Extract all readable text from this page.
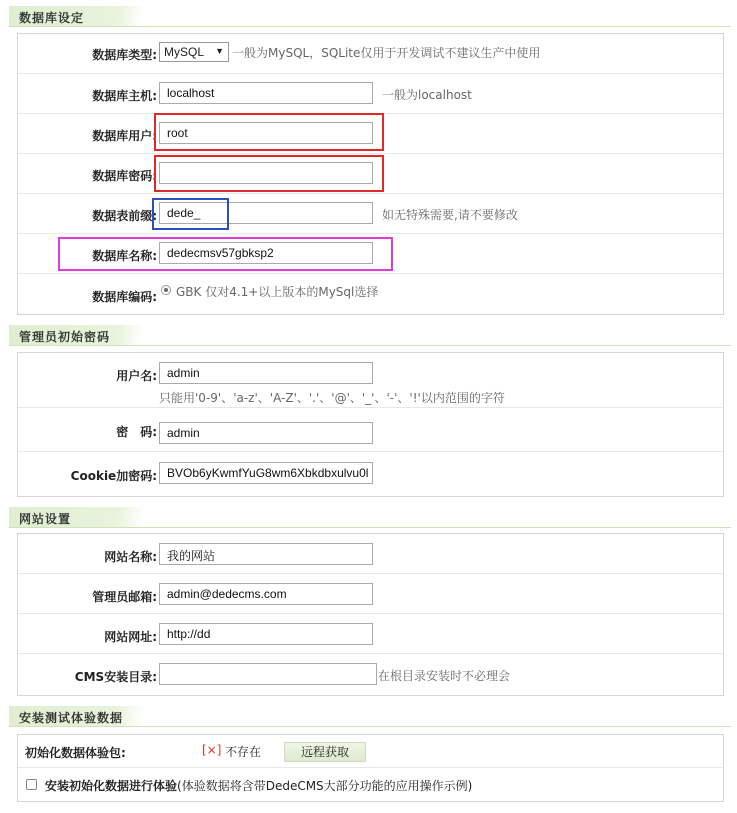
数据库设定
数据库类型: MySQL ▼ 一般为MySQL，SQLite仅用于开发调试不建议生产中使用
数据库主机: localhost	一般为localhost
数据库用户: root
数据库密码:
数据表前缀: dede_	如无特殊需要,请不要修改
数据库名称: dedecmsv57gbksp2
数据库编码: GBK 仅对4.1+以上版本的MySql选择
管理员初始密码
用户名: admin
只能用'0-9'、'a-z'、'A-Z'、'.'、'@'、'_'、'-'、'!'以内范围的字符
密　码: admin
Cookie加密码: BVOb6yKwmfYuG8wm6Xbkdbxulvu0l
网站设置
网站名称: 我的网站
管理员邮箱: admin@dedecms.com
网站网址: http://dd
CMS安装目录:	在根目录安装时不必理会
安装测试体验数据
初始化数据体验包:	[×] 不存在	远程获取
安装初始化数据进行体验(体验数据将含带DedeCMS大部分功能的应用操作示例)
